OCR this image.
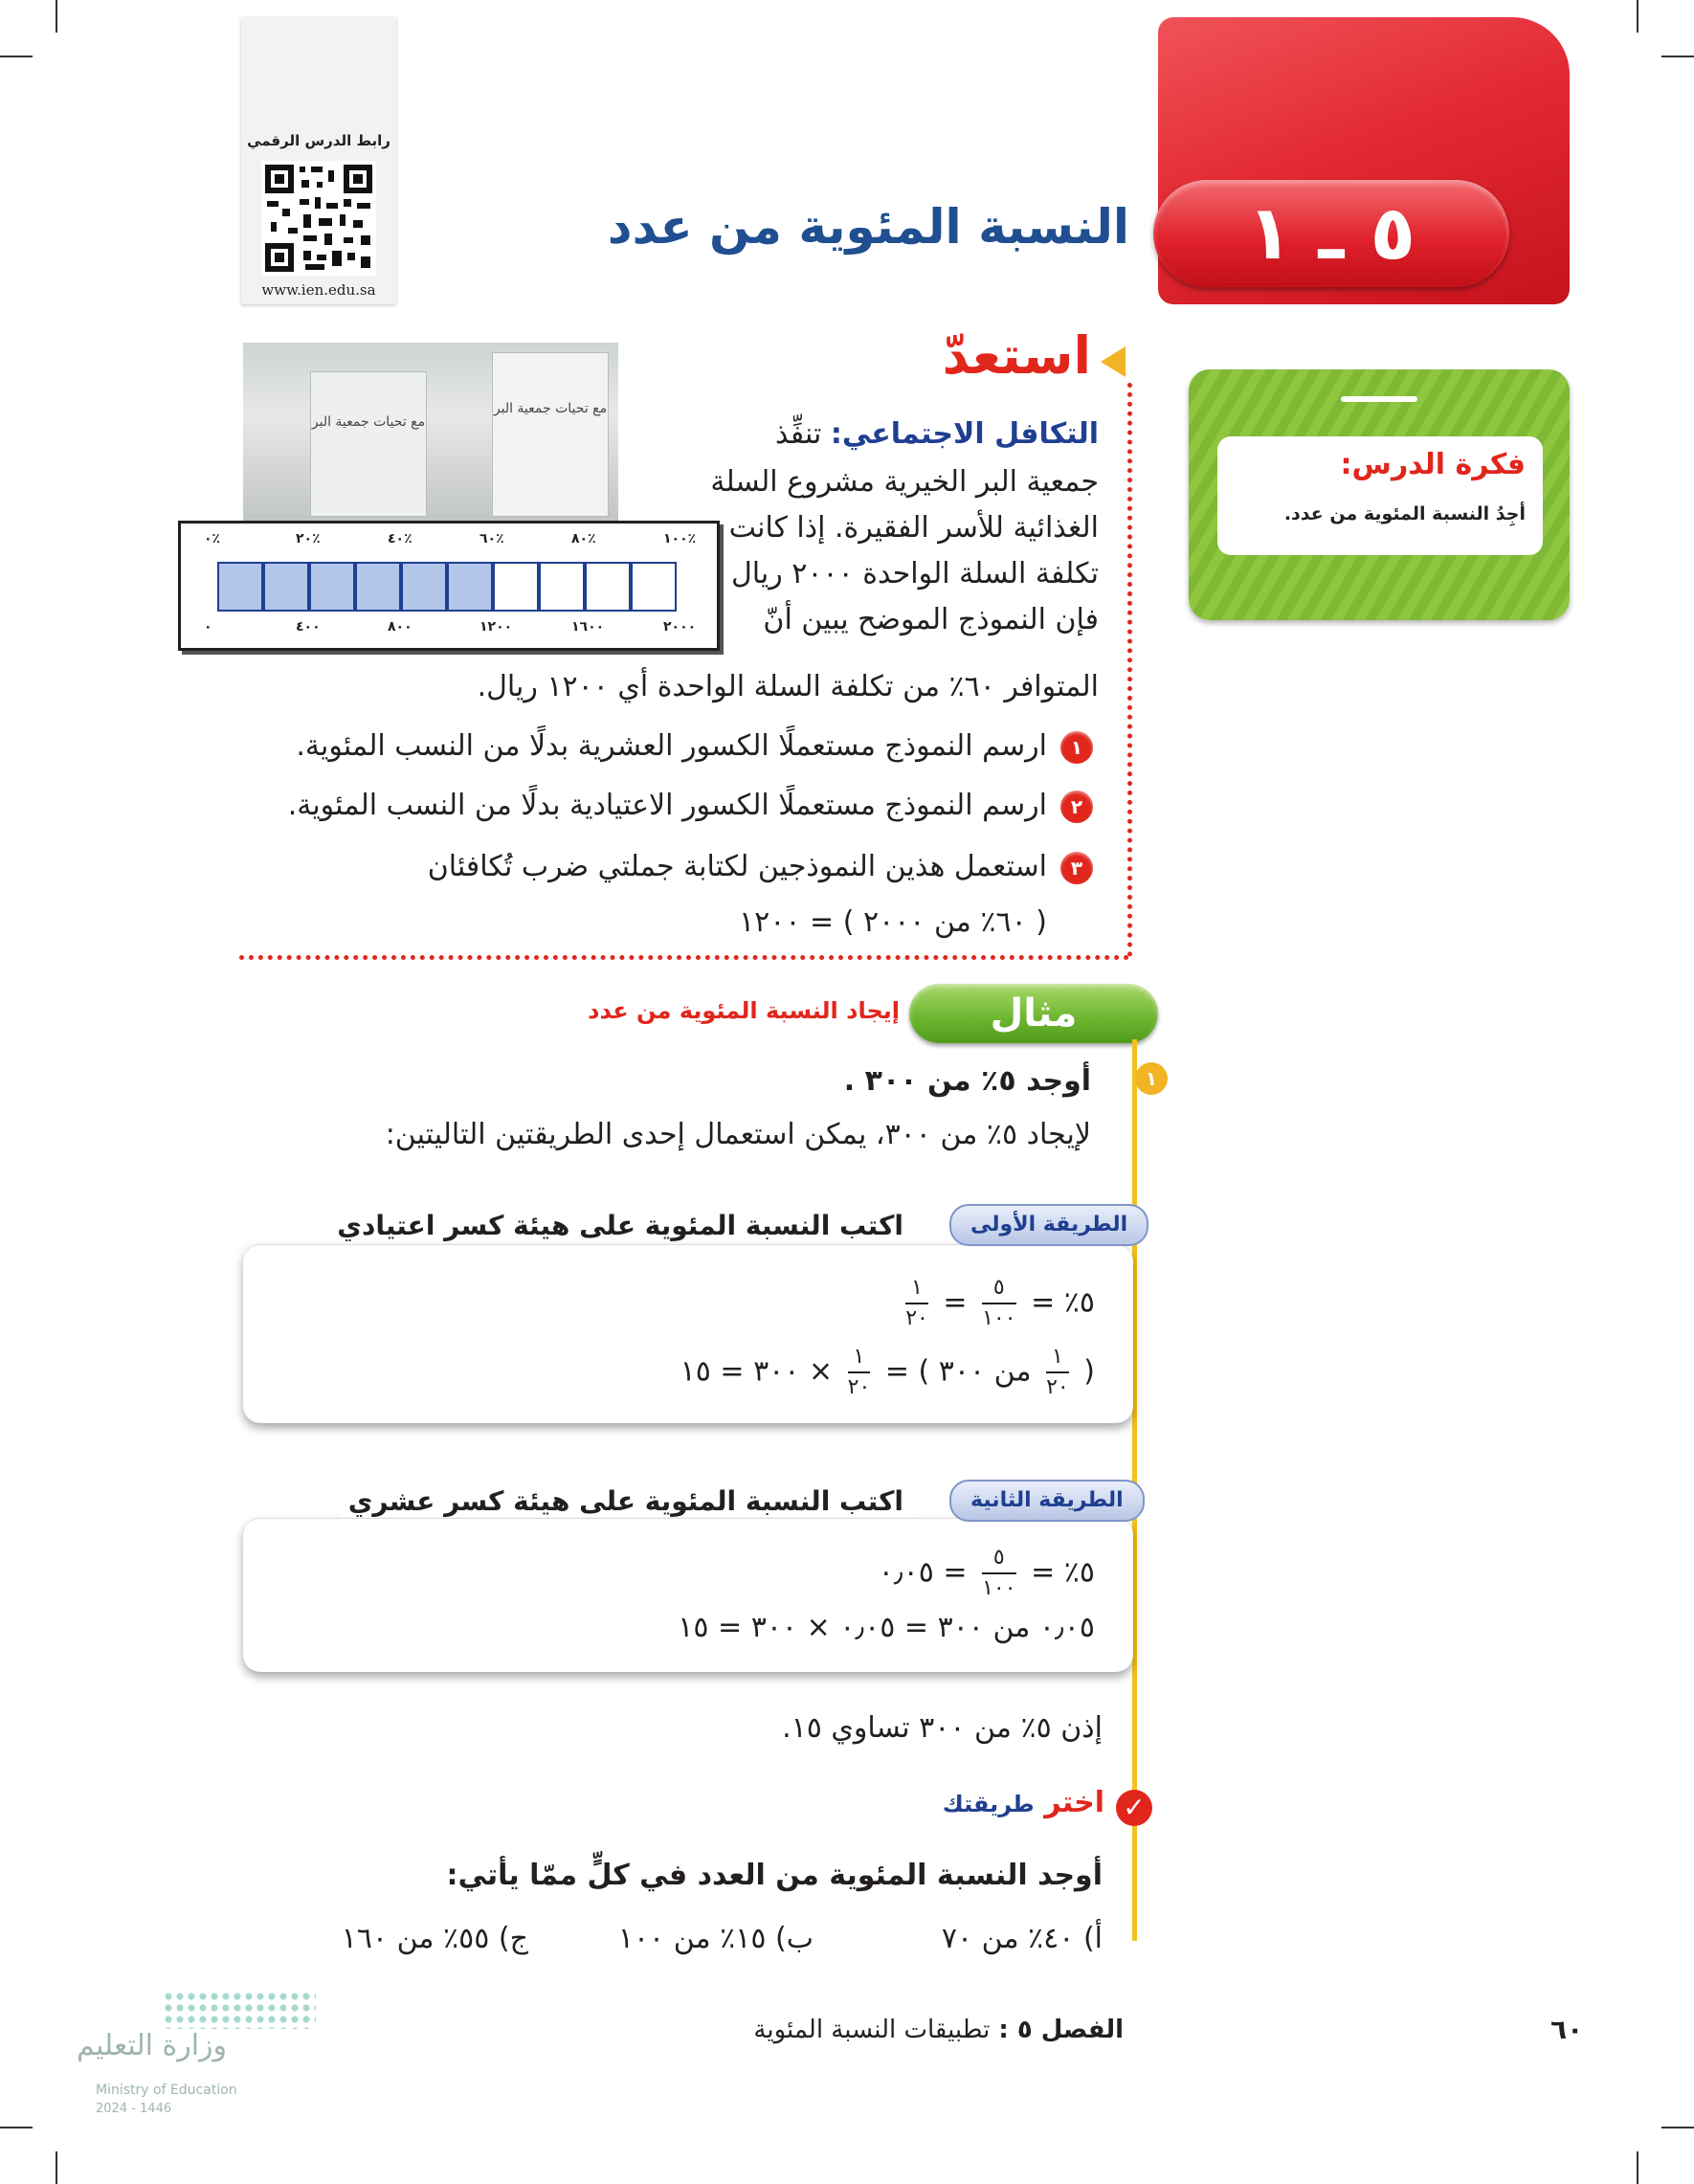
رابط الدرس الرقمي
www.ien.edu.sa
٥ ـ ١
النسبة المئوية من عدد
فكرة الدرس:
أجِدُ النسبة المئوية من عدد.
استعدّ
مع تحيات جمعية البر
مع تحيات جمعية البر
٠٪	٢٠٪	٤٠٪	٦٠٪	٨٠٪	١٠٠٪
٠	٤٠٠	٨٠٠	١٢٠٠	١٦٠٠	٢٠٠٠
التكافل الاجتماعي: تنفِّذ
جمعية البر الخيرية مشروع السلة
الغذائية للأسر الفقيرة. إذا كانت
تكلفة السلة الواحدة ٢٠٠٠ ريال
فإن النموذج الموضح يبين أنّ
المتوافر ٦٠٪ من تكلفة السلة الواحدة أي ١٢٠٠ ريال.
١
ارسم النموذج مستعملًا الكسور العشرية بدلًا من النسب المئوية.
٢
ارسم النموذج مستعملًا الكسور الاعتيادية بدلًا من النسب المئوية.
٣
استعمل هذين النموذجين لكتابة جملتي ضرب تُكافئان
( ٦٠٪ من ٢٠٠٠ ) = ١٢٠٠
مثال
إيجاد النسبة المئوية من عدد
١
أوجد ٥٪ من ٣٠٠ .
لإيجاد ٥٪ من ٣٠٠، يمكن استعمال إحدى الطريقتين التاليتين:
٥٪ =
$\frac{٥}{١٠٠}$
=
$\frac{١}{٢٠}$
(
$\frac{١}{٢٠}$
من ٣٠٠ ) =
$\frac{١}{٢٠}$
× ٣٠٠ = ١٥
اكتب النسبة المئوية على هيئة كسر اعتيادي	الطريقة الأولى
٥٪ =
$\frac{٥}{١٠٠}$
= ٠٫٠٥
٠٫٠٥ من ٣٠٠ = ٠٫٠٥ × ٣٠٠ = ١٥
اكتب النسبة المئوية على هيئة كسر عشري	الطريقة الثانية
إذن ٥٪ من ٣٠٠ تساوي ١٥.
✓
اختر طريقتك
أوجد النسبة المئوية من العدد في كلٍّ ممّا يأتي:
أ) ٤٠٪ من ٧٠
ب) ١٥٪ من ١٠٠
ج) ٥٥٪ من ١٦٠
وزارة التعليم
Ministry of Education
2024 - 1446
الفصل ٥ : تطبيقات النسبة المئوية	٦٠
